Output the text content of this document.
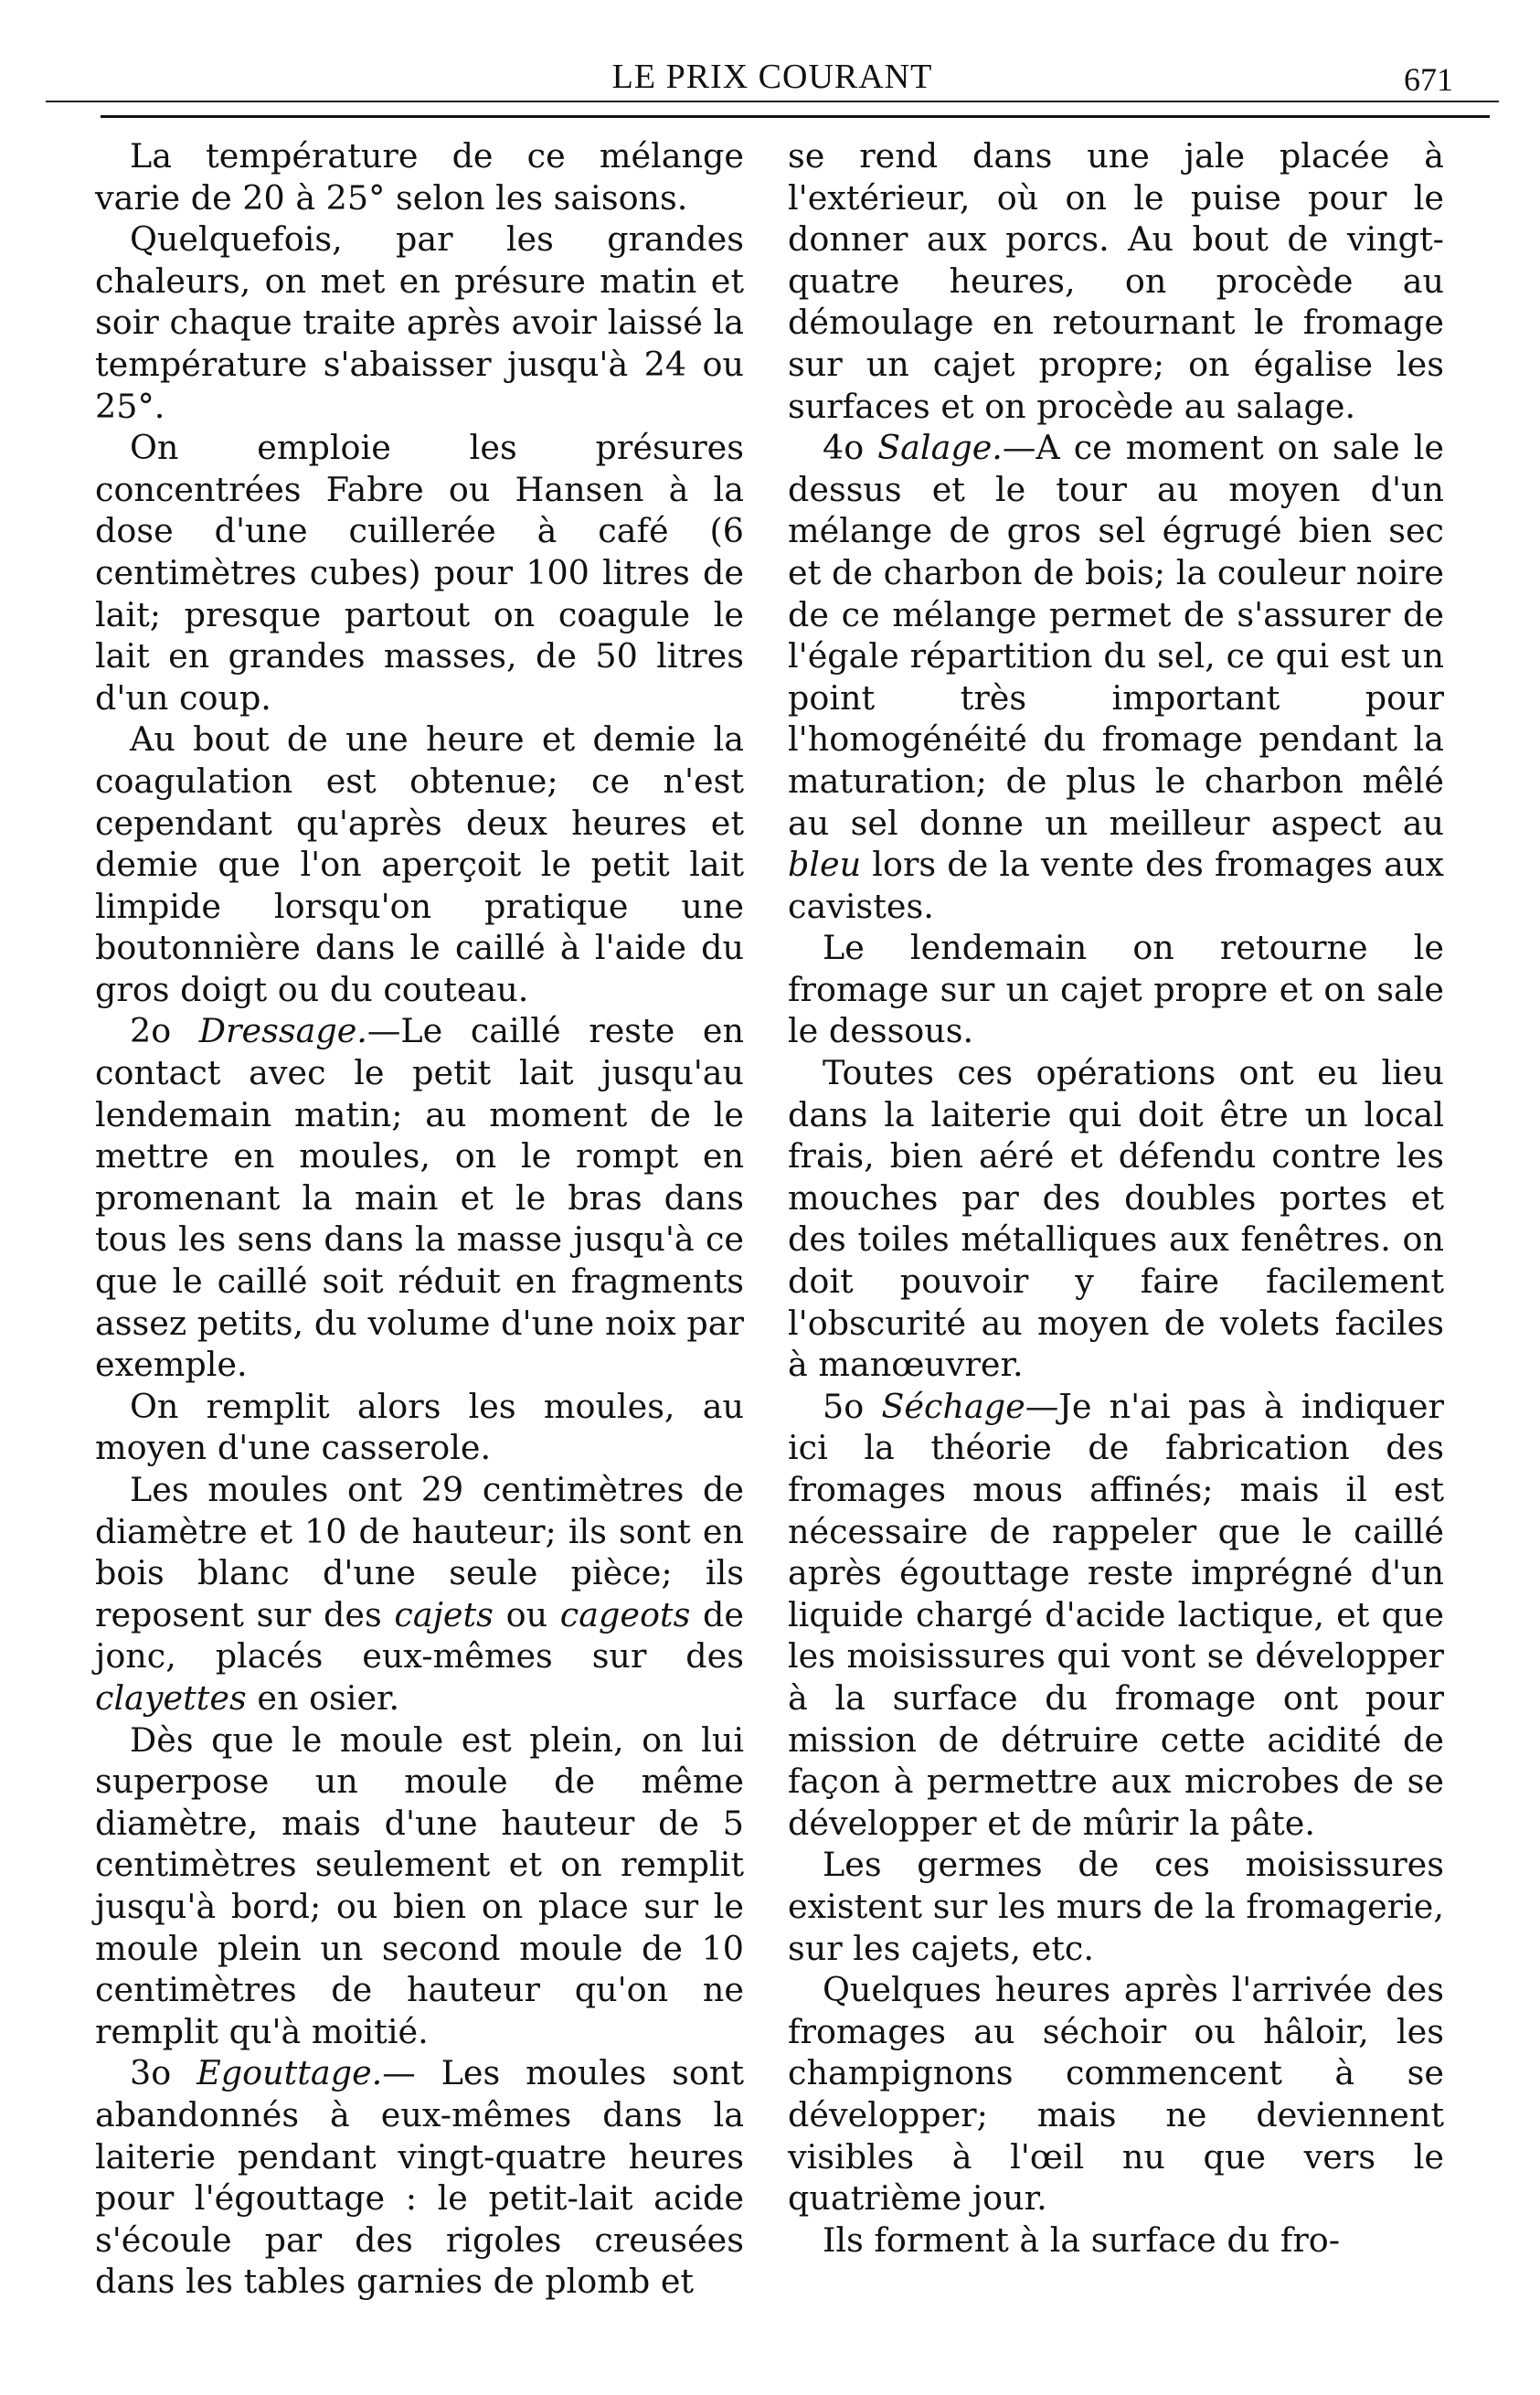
LE PRIX COURANT	671

La température de ce mélange varie de 20 à 25° selon les saisons.

Quelquefois, par les grandes chaleurs, on met en présure matin et soir chaque traite après avoir laissé la température s'abaisser jusqu'à 24 ou 25°.

On emploie les présures concentrées Fabre ou Hansen à la dose d'une cuillerée à café (6 centimètres cubes) pour 100 litres de lait; presque partout on coagule le lait en grandes masses, de 50 litres d'un coup.

Au bout de une heure et demie la coagulation est obtenue; ce n'est cependant qu'après deux heures et demie que l'on aperçoit le petit lait limpide lorsqu'on pratique une boutonnière dans le caillé à l'aide du gros doigt ou du couteau.

2o Dressage.—Le caillé reste en contact avec le petit lait jusqu'au lendemain matin; au moment de le mettre en moules, on le rompt en promenant la main et le bras dans tous les sens dans la masse jusqu'à ce que le caillé soit réduit en fragments assez petits, du volume d'une noix par exemple.

On remplit alors les moules, au moyen d'une casserole.

Les moules ont 29 centimètres de diamètre et 10 de hauteur; ils sont en bois blanc d'une seule pièce; ils reposent sur des cajets ou cageots de jonc, placés eux-mêmes sur des clayettes en osier.

Dès que le moule est plein, on lui superpose un moule de même diamètre, mais d'une hauteur de 5 centimètres seulement et on remplit jusqu'à bord; ou bien on place sur le moule plein un second moule de 10 centimètres de hauteur qu'on ne remplit qu'à moitié.

3o Egouttage.— Les moules sont abandonnés à eux-mêmes dans la laiterie pendant vingt-quatre heures pour l'égouttage : le petit-lait acide s'écoule par des rigoles creusées dans les tables garnies de plomb et

se rend dans une jale placée à l'extérieur, où on le puise pour le donner aux porcs. Au bout de vingt-quatre heures, on procède au démoulage en retournant le fromage sur un cajet propre; on égalise les surfaces et on procède au salage.

4o Salage.—A ce moment on sale le dessus et le tour au moyen d'un mélange de gros sel égrugé bien sec et de charbon de bois; la couleur noire de ce mélange permet de s'assurer de l'égale répartition du sel, ce qui est un point très important pour l'homogénéité du fromage pendant la maturation; de plus le charbon mêlé au sel donne un meilleur aspect au bleu lors de la vente des fromages aux cavistes.

Le lendemain on retourne le fromage sur un cajet propre et on sale le dessous.

Toutes ces opérations ont eu lieu dans la laiterie qui doit être un local frais, bien aéré et défendu contre les mouches par des doubles portes et des toiles métalliques aux fenêtres. on doit pouvoir y faire facilement l'obscurité au moyen de volets faciles à manœuvrer.

5o Séchage—Je n'ai pas à indiquer ici la théorie de fabrication des fromages mous affinés; mais il est nécessaire de rappeler que le caillé après égouttage reste imprégné d'un liquide chargé d'acide lactique, et que les moisissures qui vont se développer à la surface du fromage ont pour mission de détruire cette acidité de façon à permettre aux microbes de se développer et de mûrir la pâte.

Les germes de ces moisissures existent sur les murs de la fromagerie, sur les cajets, etc.

Quelques heures après l'arrivée des fromages au séchoir ou hâloir, les champignons commencent à se développer; mais ne deviennent visibles à l'œil nu que vers le quatrième jour.

Ils forment à la surface du fro-
